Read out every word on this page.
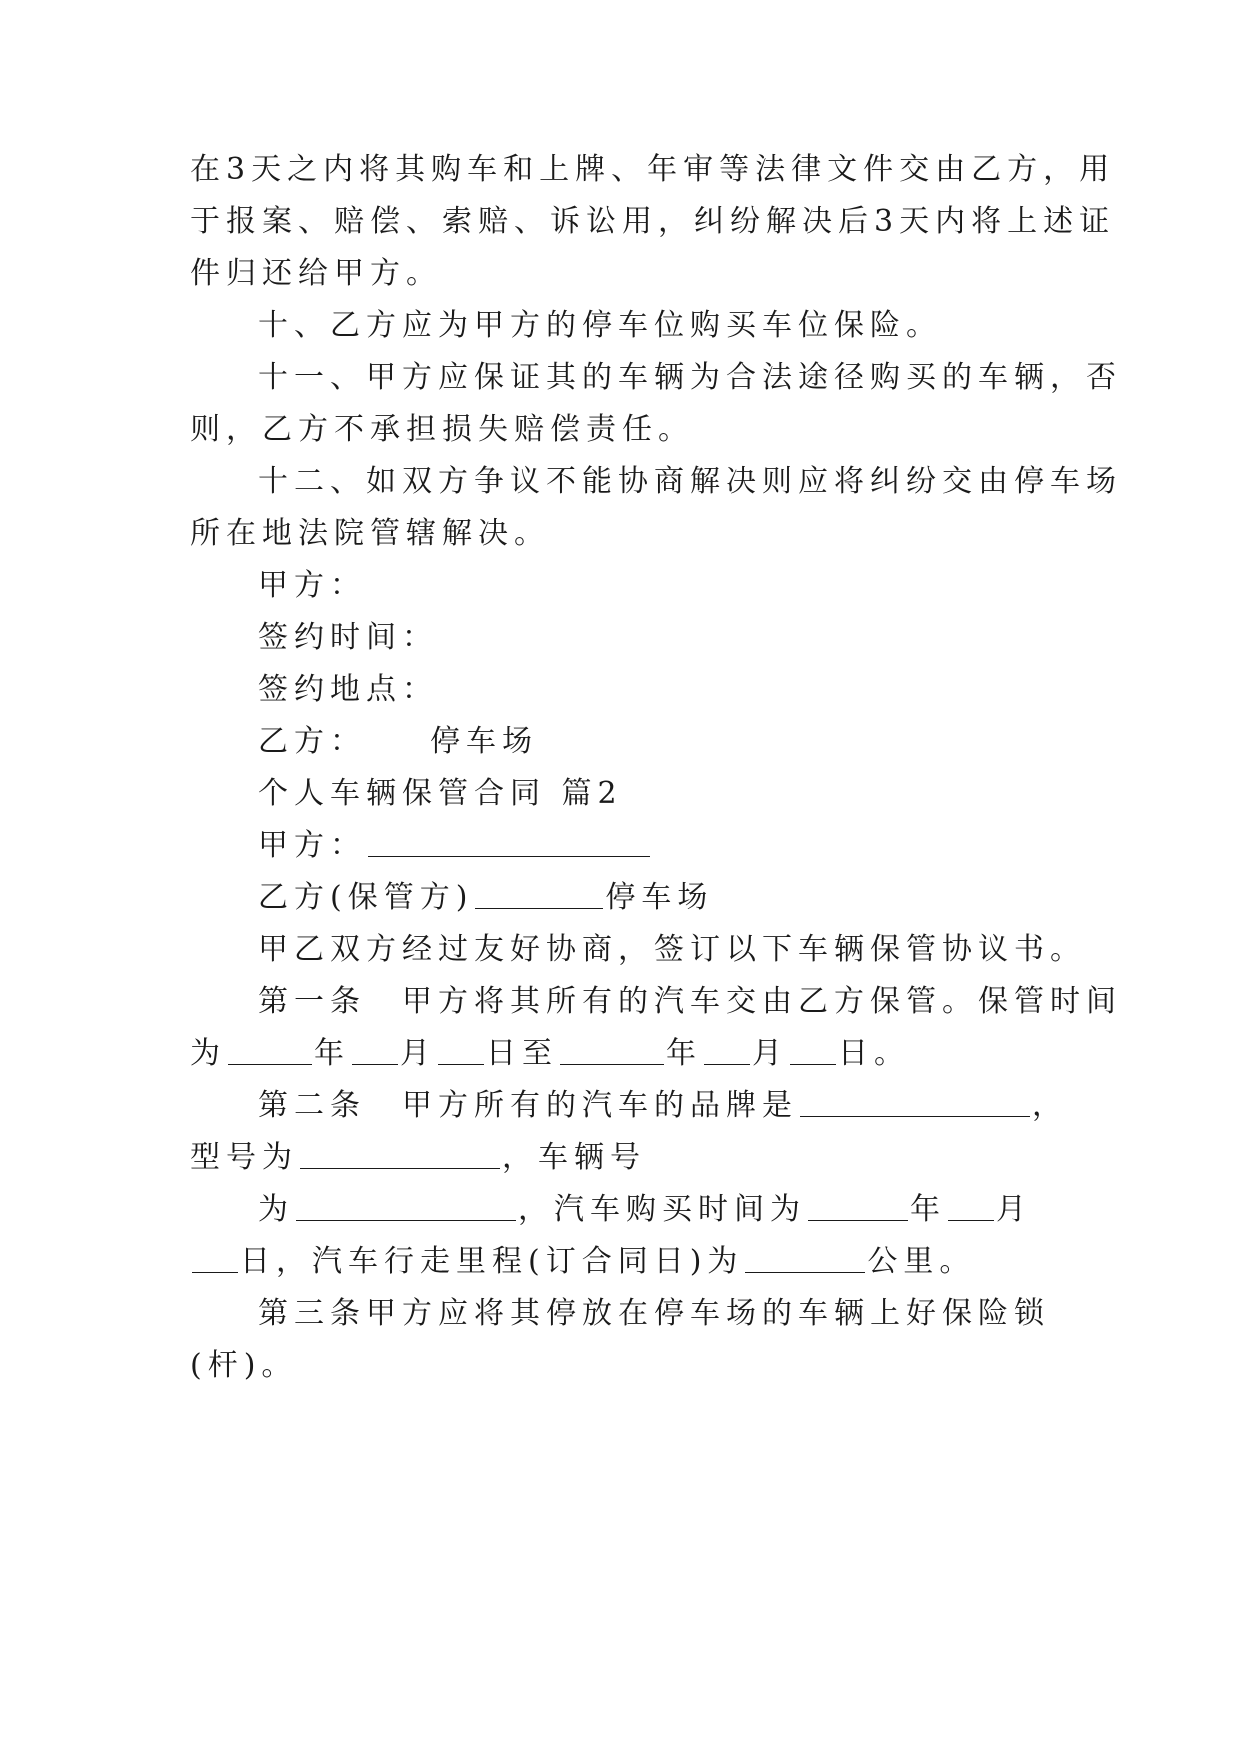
在3天之内将其购车和上牌、年审等法律文件交由乙方，用
于报案、赔偿、索赔、诉讼用，纠纷解决后3天内将上述证
件归还给甲方。
十、乙方应为甲方的停车位购买车位保险。
十一、甲方应保证其的车辆为合法途径购买的车辆，否
则，乙方不承担损失赔偿责任。
十二、如双方争议不能协商解决则应将纠纷交由停车场
所在地法院管辖解决。
甲方：
签约时间：
签约地点：
乙方： 停车场
个人车辆保管合同 篇2
甲方：
乙方(保管方)	停车场
甲乙双方经过友好协商，签订以下车辆保管协议书。
第一条　甲方将其所有的汽车交由乙方保管。保管时间
为	年 月 日至	年 月 日。
第二条　甲方所有的汽车的品牌是	，
型号为	，车辆号
为	，汽车购买时间为	年 月
日，汽车行走里程(订合同日)为	公里。
第三条甲方应将其停放在停车场的车辆上好保险锁
(杆)。
